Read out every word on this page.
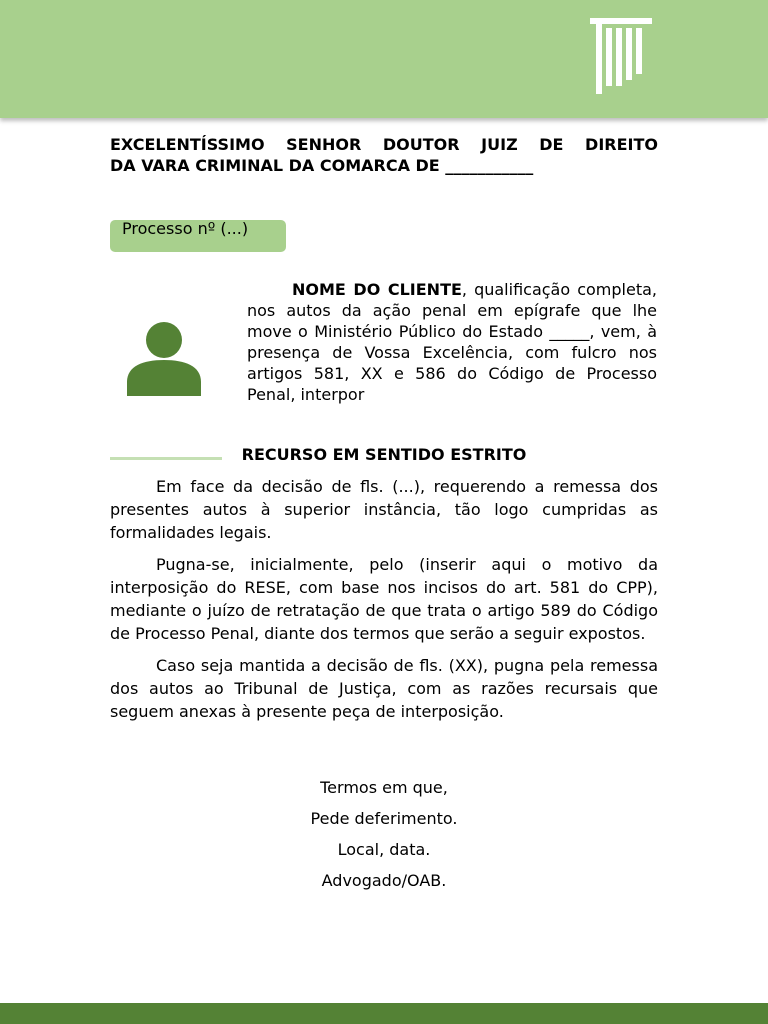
EXCELENTÍSSIMO SENHOR DOUTOR JUIZ DE DIREITO
DA VARA CRIMINAL DA COMARCA DE ___________
Processo nº (...)
NOME DO CLIENTE, qualificação completa, nos autos da ação penal em epígrafe que lhe move o Ministério Público do Estado _____, vem, à presença de Vossa Excelência, com fulcro nos artigos 581, XX e 586 do Código de Processo Penal, interpor
RECURSO EM SENTIDO ESTRITO

Em face da decisão de fls. (...), requerendo a remessa dos presentes autos à superior instância, tão logo cumpridas as formalidades legais.

Pugna-se, inicialmente, pelo (inserir aqui o motivo da interposição do RESE, com base nos incisos do art. 581 do CPP), mediante o juízo de retratação de que trata o artigo 589 do Código de Processo Penal, diante dos termos que serão a seguir expostos.

Caso seja mantida a decisão de fls. (XX), pugna pela remessa dos autos ao Tribunal de Justiça, com as razões recursais que seguem anexas à presente peça de interposição.

Termos em que,
Pede deferimento.
Local, data.
Advogado/OAB.
